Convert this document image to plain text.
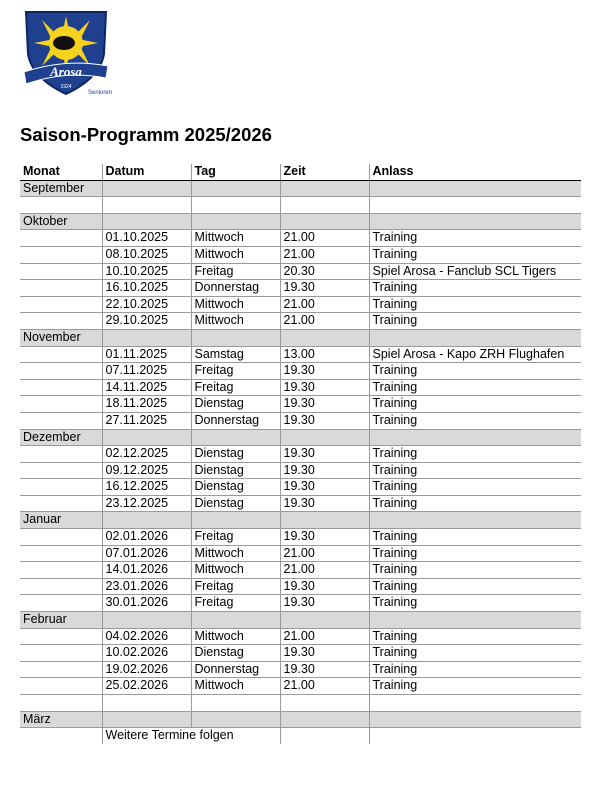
Arosa
1924
Senioren
Saison-Programm 2025/2026
Monat	Datum	Tag	Zeit	Anlass
September				

Oktober				
	01.10.2025	Mittwoch	21.00	Training
	08.10.2025	Mittwoch	21.00	Training
	10.10.2025	Freitag	20.30	Spiel Arosa - Fanclub SCL Tigers
	16.10.2025	Donnerstag	19.30	Training
	22.10.2025	Mittwoch	21.00	Training
	29.10.2025	Mittwoch	21.00	Training
November				
	01.11.2025	Samstag	13.00	Spiel Arosa - Kapo ZRH Flughafen
	07.11.2025	Freitag	19.30	Training
	14.11.2025	Freitag	19.30	Training
	18.11.2025	Dienstag	19.30	Training
	27.11.2025	Donnerstag	19.30	Training
Dezember				
	02.12.2025	Dienstag	19.30	Training
	09.12.2025	Dienstag	19.30	Training
	16.12.2025	Dienstag	19.30	Training
	23.12.2025	Dienstag	19.30	Training
Januar				
	02.01.2026	Freitag	19.30	Training
	07.01.2026	Mittwoch	21.00	Training
	14.01.2026	Mittwoch	21.00	Training
	23.01.2026	Freitag	19.30	Training
	30.01.2026	Freitag	19.30	Training
Februar				
	04.02.2026	Mittwoch	21.00	Training
	10.02.2026	Dienstag	19.30	Training
	19.02.2026	Donnerstag	19.30	Training
	25.02.2026	Mittwoch	21.00	Training

März				
	Weitere Termine folgen			
